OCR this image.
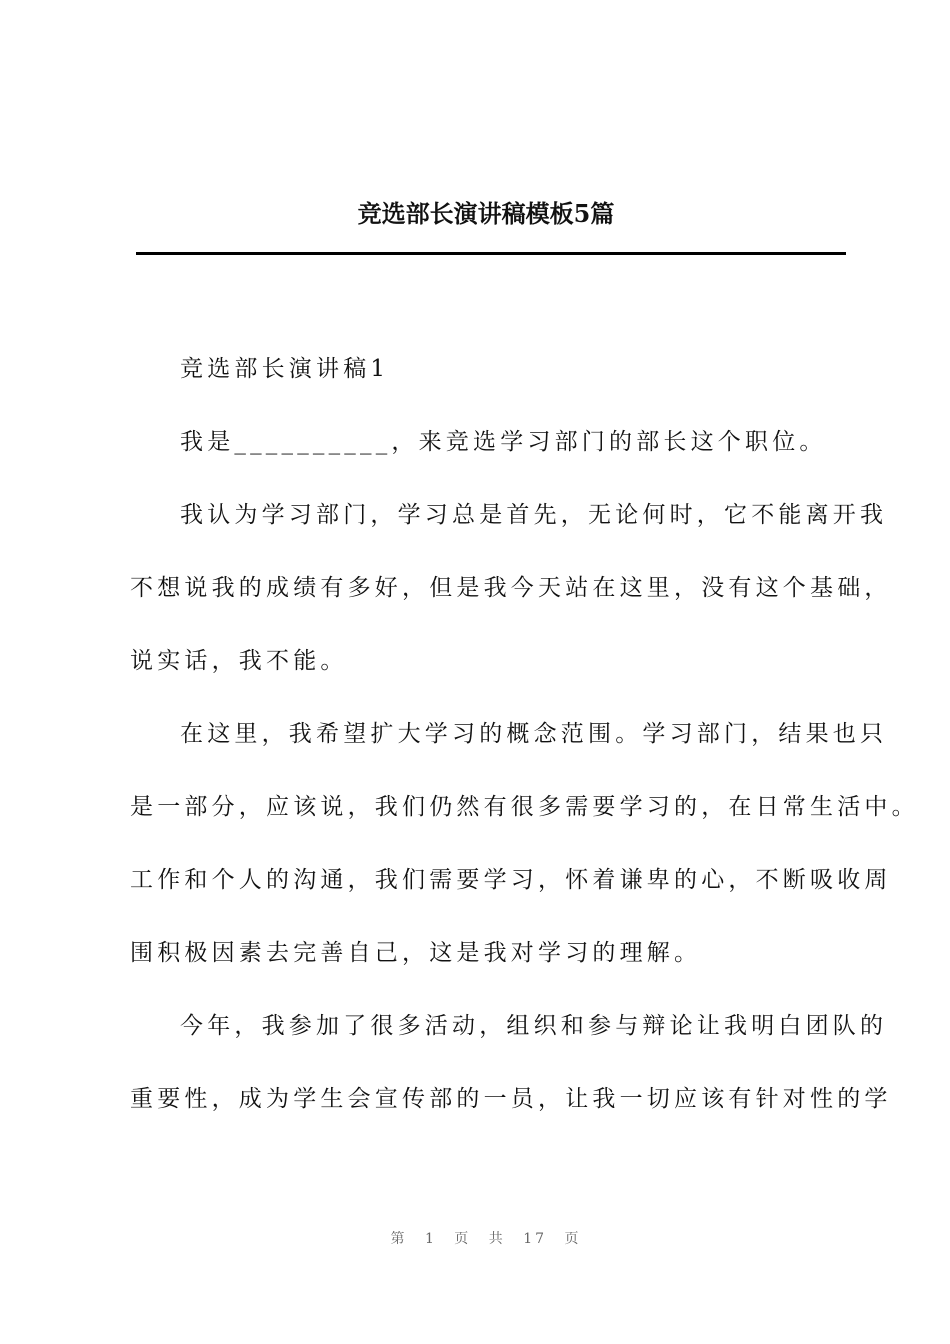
竞选部长演讲稿模板5篇
竞选部长演讲稿1
我是__________，来竞选学习部门的部长这个职位。
我认为学习部门，学习总是首先，无论何时，它不能离开我
不想说我的成绩有多好，但是我今天站在这里，没有这个基础，
说实话，我不能。
在这里，我希望扩大学习的概念范围。学习部门，结果也只
是一部分，应该说，我们仍然有很多需要学习的，在日常生活中。
工作和个人的沟通，我们需要学习，怀着谦卑的心，不断吸收周
围积极因素去完善自己，这是我对学习的理解。
今年，我参加了很多活动，组织和参与辩论让我明白团队的
重要性，成为学生会宣传部的一员，让我一切应该有针对性的学
第 1 页 共 17 页
